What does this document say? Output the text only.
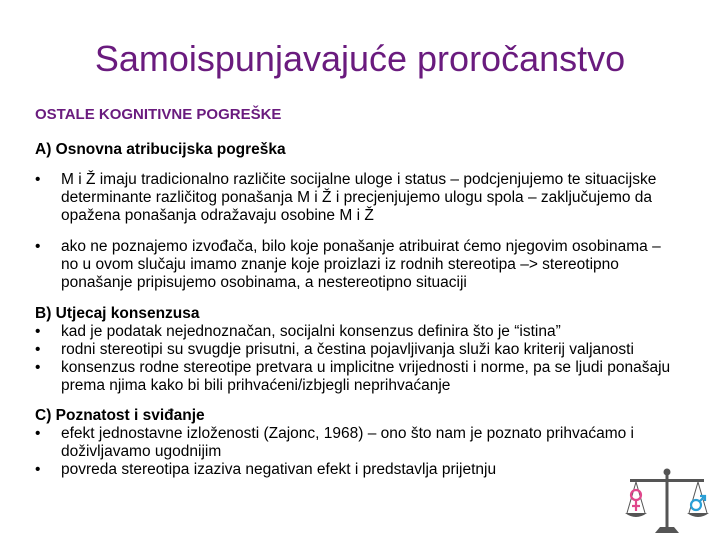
Samoispunjavajuće proročanstvo
OSTALE KOGNITIVNE POGREŠKE
A) Osnovna atribucijska pogreška
• M i Ž imaju tradicionalno različite socijalne uloge i status – podcjenjujemo te situacijske determinante različitog ponašanja M i Ž i precjenjujemo ulogu spola – zaključujemo da opažena ponašanja odražavaju osobine M i Ž
• ako ne poznajemo izvođača, bilo koje ponašanje atribuirat ćemo njegovim osobinama – no u ovom slučaju imamo znanje koje proizlazi iz rodnih stereotipa –> stereotipno ponašanje pripisujemo osobinama, a nestereotipno situaciji
B) Utjecaj konsenzusa
• kad je podatak nejednoznačan, socijalni konsenzus definira što je “istina”
• rodni stereotipi su svugdje prisutni, a čestina pojavljivanja služi kao kriterij valjanosti
• konsenzus rodne stereotipe pretvara u implicitne vrijednosti i norme, pa se ljudi ponašaju prema njima kako bi bili prihvaćeni/izbjegli neprihvaćanje
C) Poznatost i sviđanje
• efekt jednostavne izloženosti (Zajonc, 1968) – ono što nam je poznato prihvaćamo i doživljavamo ugodnijim
• povreda stereotipa izaziva negativan efekt i predstavlja prijetnju
